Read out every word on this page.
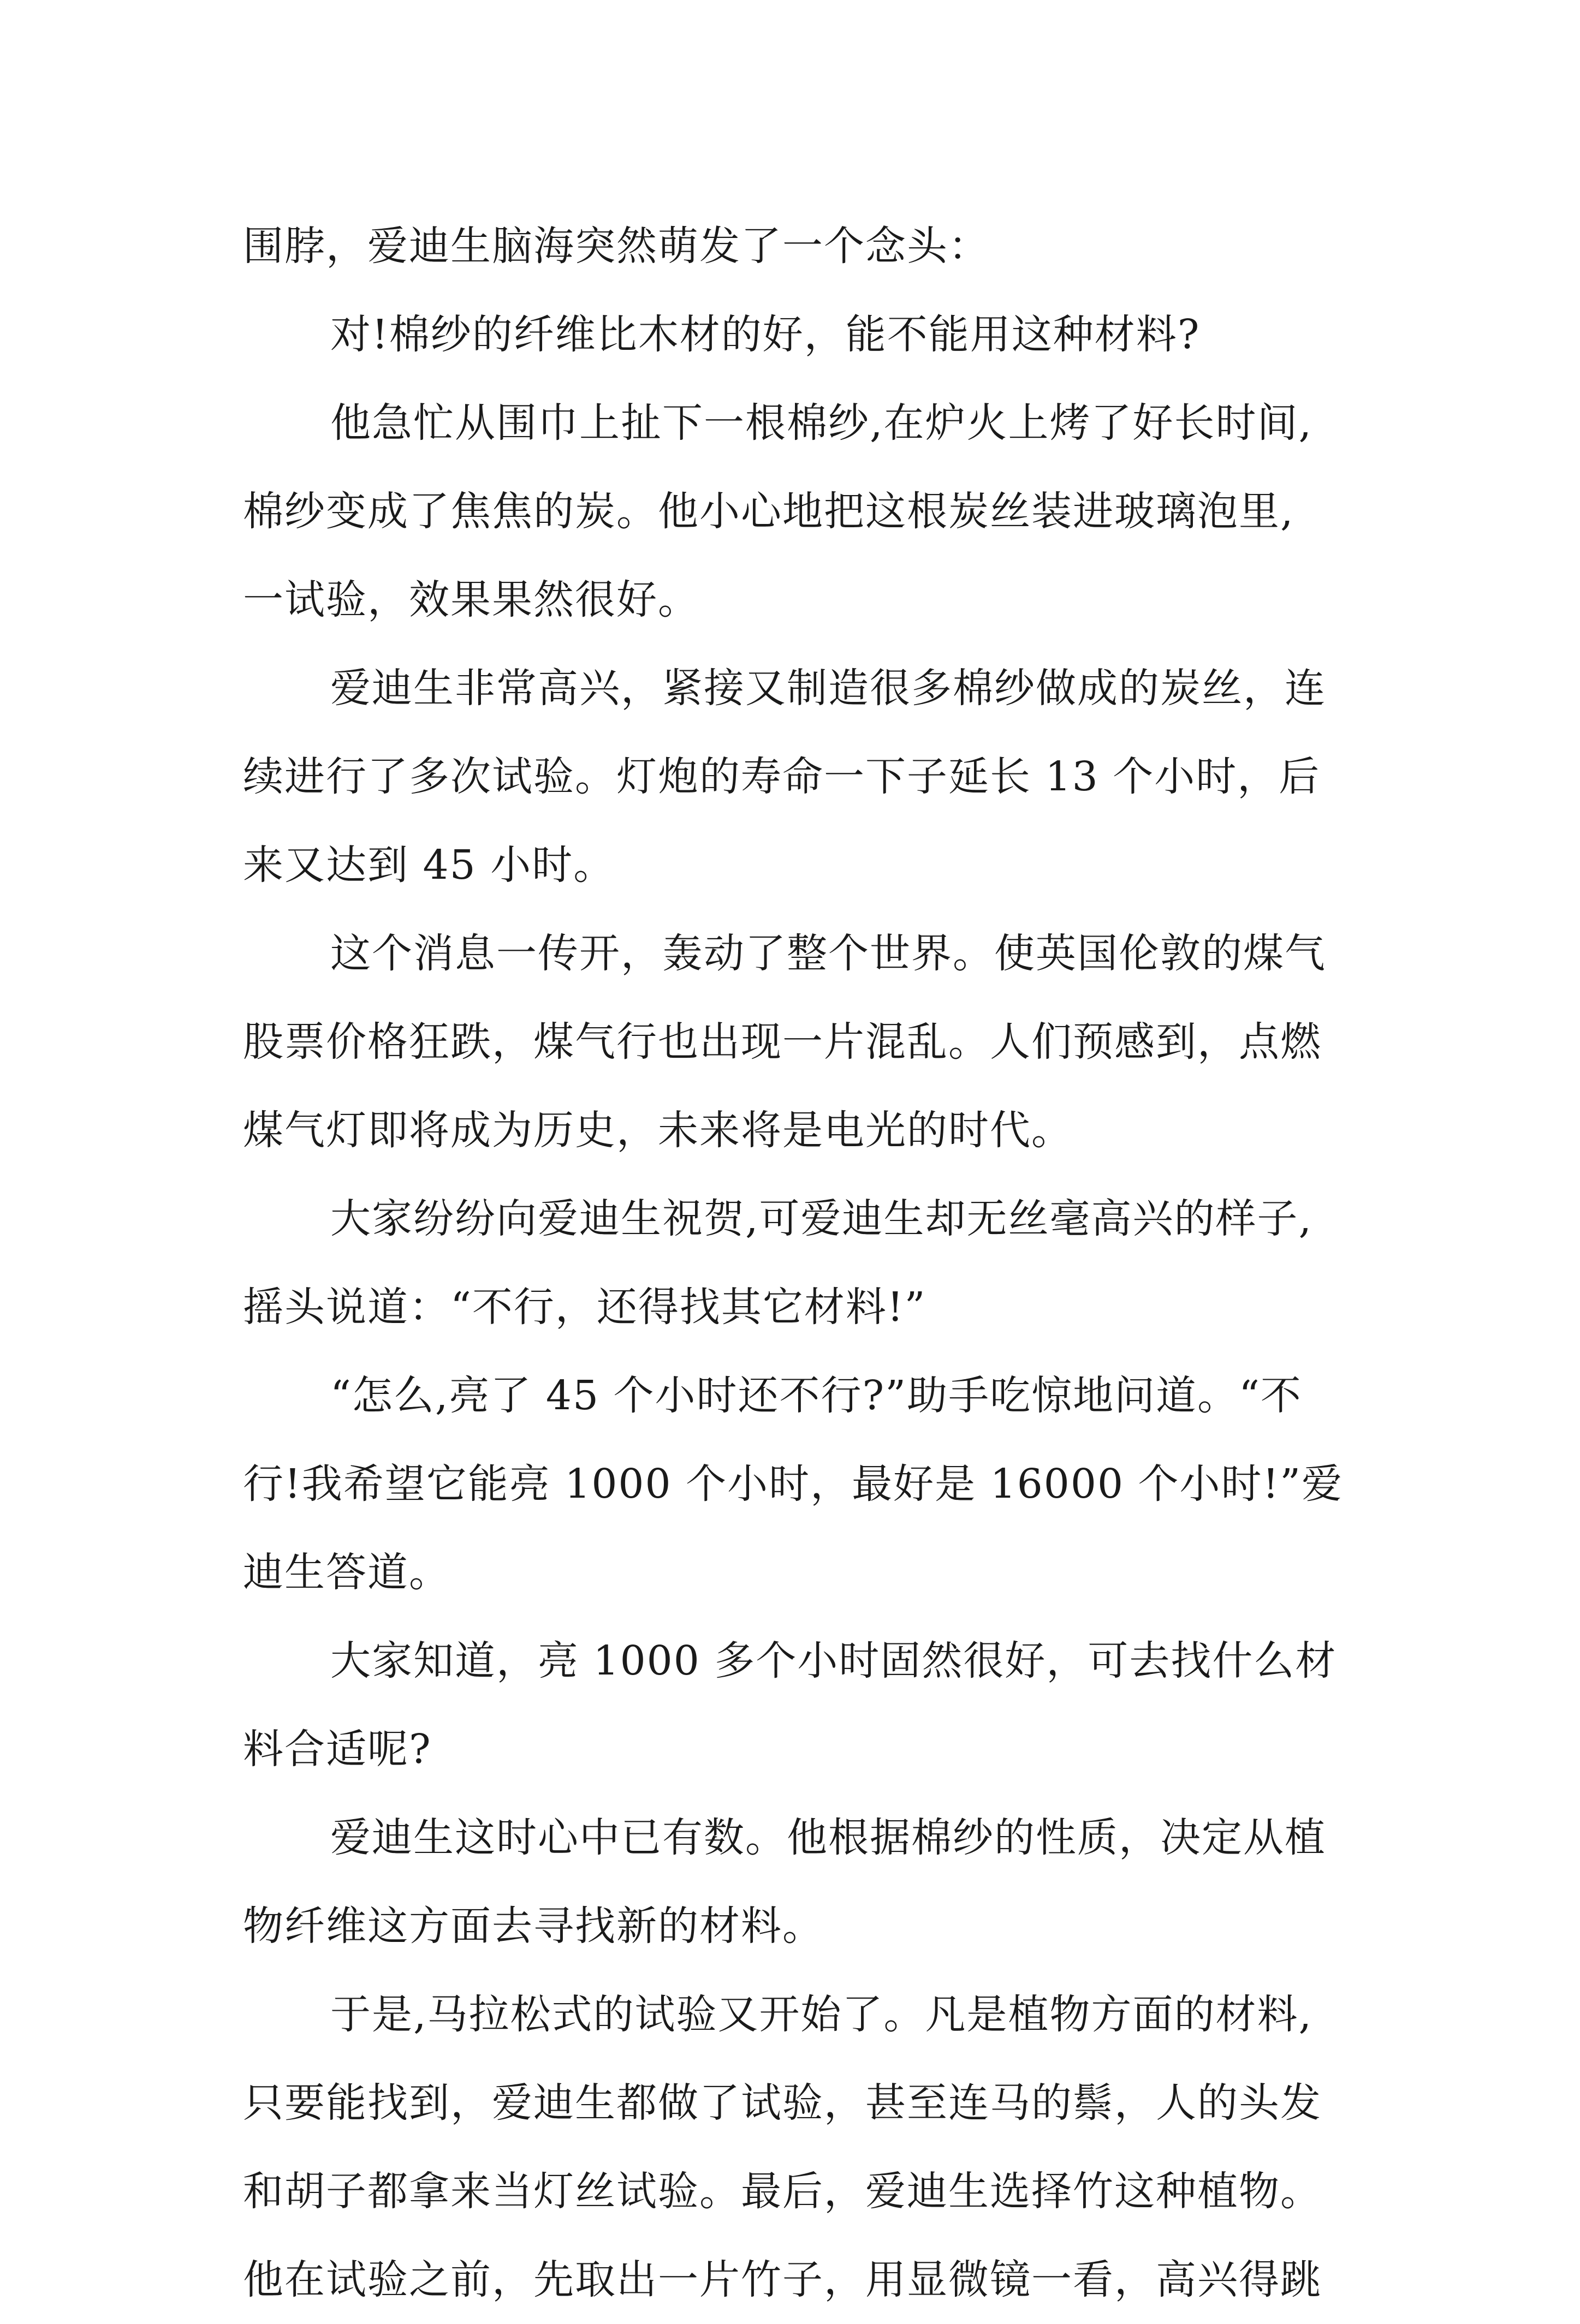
围脖，爱迪生脑海突然萌发了一个念头：
对!棉纱的纤维比木材的好，能不能用这种材料?
他急忙从围巾上扯下一根棉纱,在炉火上烤了好长时间,
棉纱变成了焦焦的炭。他小心地把这根炭丝装进玻璃泡里,
一试验，效果果然很好。
爱迪生非常高兴，紧接又制造很多棉纱做成的炭丝，连
续进行了多次试验。灯炮的寿命一下子延长 13 个小时，后
来又达到 45 小时。
这个消息一传开，轰动了整个世界。使英国伦敦的煤气
股票价格狂跌，煤气行也出现一片混乱。人们预感到，点燃
煤气灯即将成为历史，未来将是电光的时代。
大家纷纷向爱迪生祝贺,可爱迪生却无丝毫高兴的样子,
摇头说道：“不行，还得找其它材料!”
“怎么,亮了 45 个小时还不行?”助手吃惊地问道。“不
行!我希望它能亮 1000 个小时，最好是 16000 个小时!”爱
迪生答道。
大家知道，亮 1000 多个小时固然很好，可去找什么材
料合适呢?
爱迪生这时心中已有数。他根据棉纱的性质，决定从植
物纤维这方面去寻找新的材料。
于是,马拉松式的试验又开始了。凡是植物方面的材料,
只要能找到，爱迪生都做了试验，甚至连马的鬃，人的头发
和胡子都拿来当灯丝试验。最后，爱迪生选择竹这种植物。
他在试验之前，先取出一片竹子，用显微镜一看，高兴得跳
